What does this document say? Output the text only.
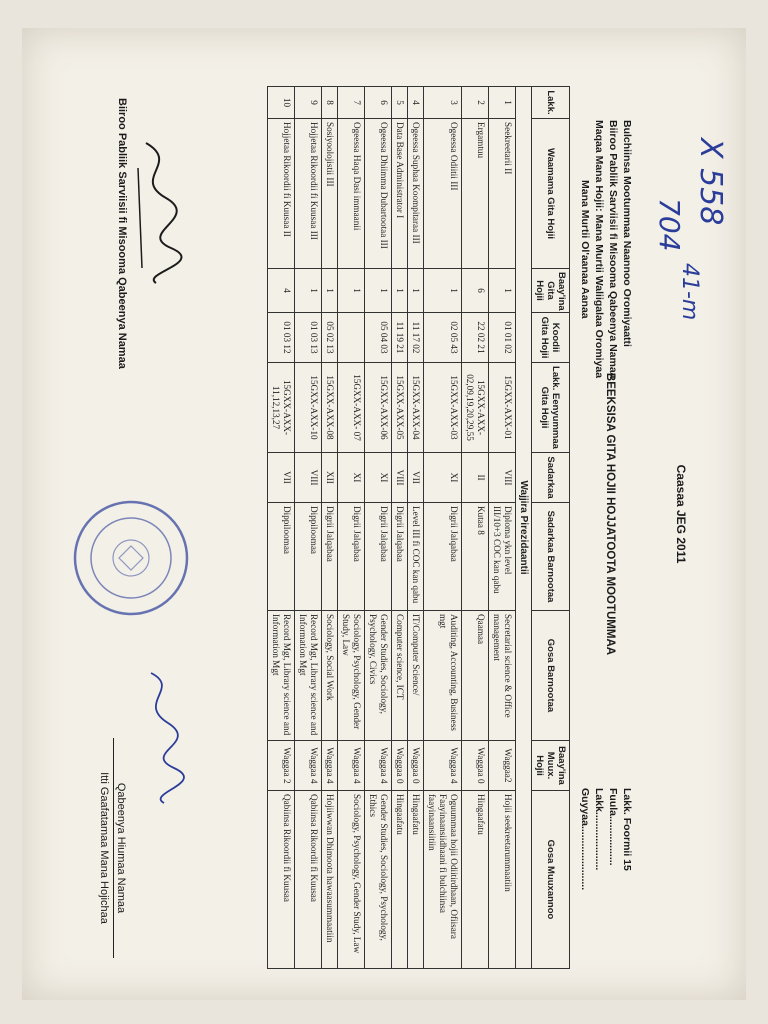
Caasaa JEG 2011
Bulchiinsa Mootummaa Naannoo Oromiyaatti
Biiroo Pabliik Sarviisii fi Misooma Qabeenya Namaa
Maqaa Mana Hojii: Mana Murtii Waliigalaa Oromiyaa
Mana Murtii Ol'aanaa Aanaa
Lakk. Foormii 15
Fuula.................
Lakk....................
Guyyaa......................
BEEKSISA GITA HOJII HOJJATOOTA MOOTUMMAA
Lakk.	Waamama Gita Hojii	Baay'ina Gita Hojii	Koodii Gita Hojii	Lakk. Eenyummaa Gita Hojii	Sadarkaa	Sadarkaa Barnootaa	Gosa Barnootaa	Baay'ina Muux. Hojii	Gosa Muuxannoo
Wajjira Pirezidaantii									
1	Seekreetarii II	1	01 01 02	15GXX-AXX-01	VIII	Diploma ykn level III/10+3 COC kan qabu	Secretarial science & Office management	Waggaa2	Hojii seekreetarummaatiin
2	Ergamtuu	6	22 02 21	15GXX-AXX-02,09,19,20,29,55	II	Kutaa 8	Qaamaa	Waggaa 0	Hingaafatu
3	Ogeessa Odiitii III	1	02 05 43	15GXX-AXX-03	XI	Digrii Jalqabaa	Auditing, Accounting, Business mgt	Waggaa 4	Oguummaa hojii Odiitirdhaan, Ofiisara Faayinaansiidhaani fi bulchiinsa faayinaansiitiin
4	Ogeessa Suphaa Koompitaraa III	1	11 17 02	15GXX-AXX-04	VII	Level III fi COC kan qabu	IT/Computer Science/	Waggaa 0	Hingaafatu
5	Data Base Administrator I	1	11 19 21	15GXX-AXX-05	VIII	Digrii Jalqabaa	Computer science, ICT	Waggaa 0	Hingaafatu
6	Ogeessa Dhiimma Dubartootaa III	1	05 04 03	15GXX-AXX-06	XI	Digrii Jalqabaa	Gender Studies, Sociology, Psychology, Civics	Waggaa 4	Gender Studies, Sociology, Psychology, Ethics
7	Ogeessa Haqa Dasi immaanii	1		15GXX-AXX- 07	XI	Digrii Jalqabaa	Sociology, Psychology, Gender Study, Law	Waggaa 4	Sociology, Psychology, Gender Study, Law
8	Sosiyoolojistii III	1	05 02 13	15GXX-AXX-08	XII	Digrii Jalqabaa	Sociology, Social Work	Waggaa 4	Hojiiwwan Dhimoota hawaasummaatiin
9	Hojjetaa Rikoordii fi Kuusaa III	1	01 03 13	15GXX-AXX-10	VIII	Dippiloomaa	Record Mgt, Library science and Information Mgt	Waggaa 4	Qabiinsa Rikoordii fi Kuusaa
10	Hojjetaa Rikoordii fi Kuusaa II	4	01 03 12	15GXX-AXX-11,12,13,27	VII	Dippiloomaa	Record Mgt, Library science and Information Mgt	Waggaa 2	Qabiinsa Rikoordii fi Kuusaa
Biiroo Pabliik Sarviisii fi Misooma Qabeenya Namaa
Qabeenya Hiumaa Namaa
Itti Gaafatamaa Mana Hojichaa
X 558
704
41-m
